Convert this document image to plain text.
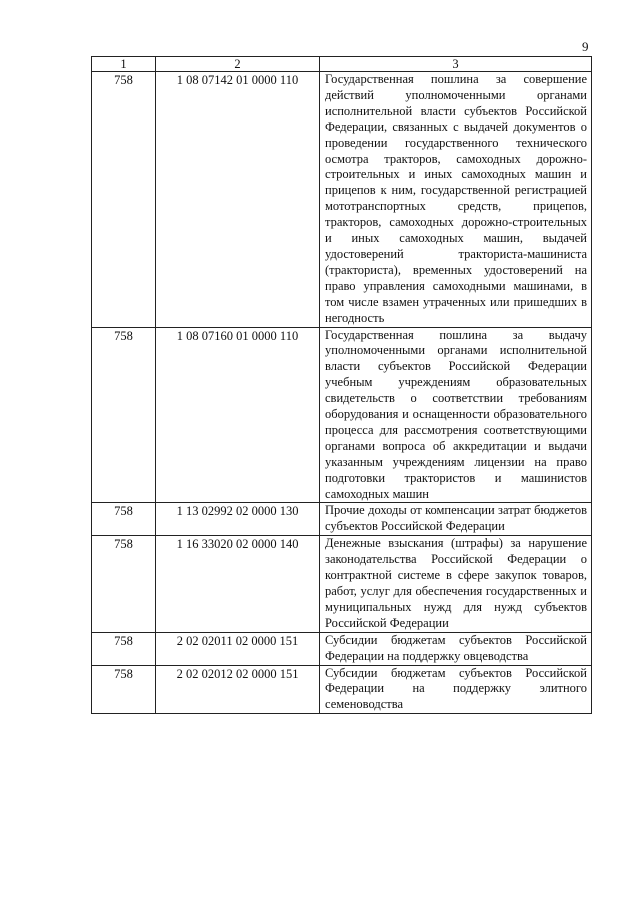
9
1	2	3
758	1 08 07142 01 0000 110	Государственная пошлина за совершение действий уполномоченными органами исполнительной власти субъектов Российской Федерации, связанных с выдачей документов о проведении государственного технического осмотра тракторов, самоходных дорожно-строительных и иных самоходных машин и прицепов к ним, государственной регистрацией мототранспортных средств, прицепов, тракторов, самоходных дорожно-строительных и иных самоходных машин, выдачей удостоверений тракториста-машиниста (тракториста), временных удостоверений на право управления самоходными машинами, в том числе взамен утраченных или пришедших в негодность
758	1 08 07160 01 0000 110	Государственная пошлина за выдачу уполномоченными органами исполнительной власти субъектов Российской Федерации учебным учреждениям образовательных свидетельств о соответствии требованиям оборудования и оснащенности образовательного процесса для рассмотрения соответствующими органами вопроса об аккредитации и выдачи указанным учреждениям лицензии на право подготовки трактористов и машинистов самоходных машин
758	1 13 02992 02 0000 130	Прочие доходы от компенсации затрат бюджетов субъектов Российской Федерации
758	1 16 33020 02 0000 140	Денежные взыскания (штрафы) за нарушение законодательства Российской Федерации о контрактной системе в сфере закупок товаров, работ, услуг для обеспечения государственных и муниципальных нужд для нужд субъектов Российской Федерации
758	2 02 02011 02 0000 151	Субсидии бюджетам субъектов Российской Федерации на поддержку овцеводства
758	2 02 02012 02 0000 151	Субсидии бюджетам субъектов Российской Федерации на поддержку элитного семеноводства
